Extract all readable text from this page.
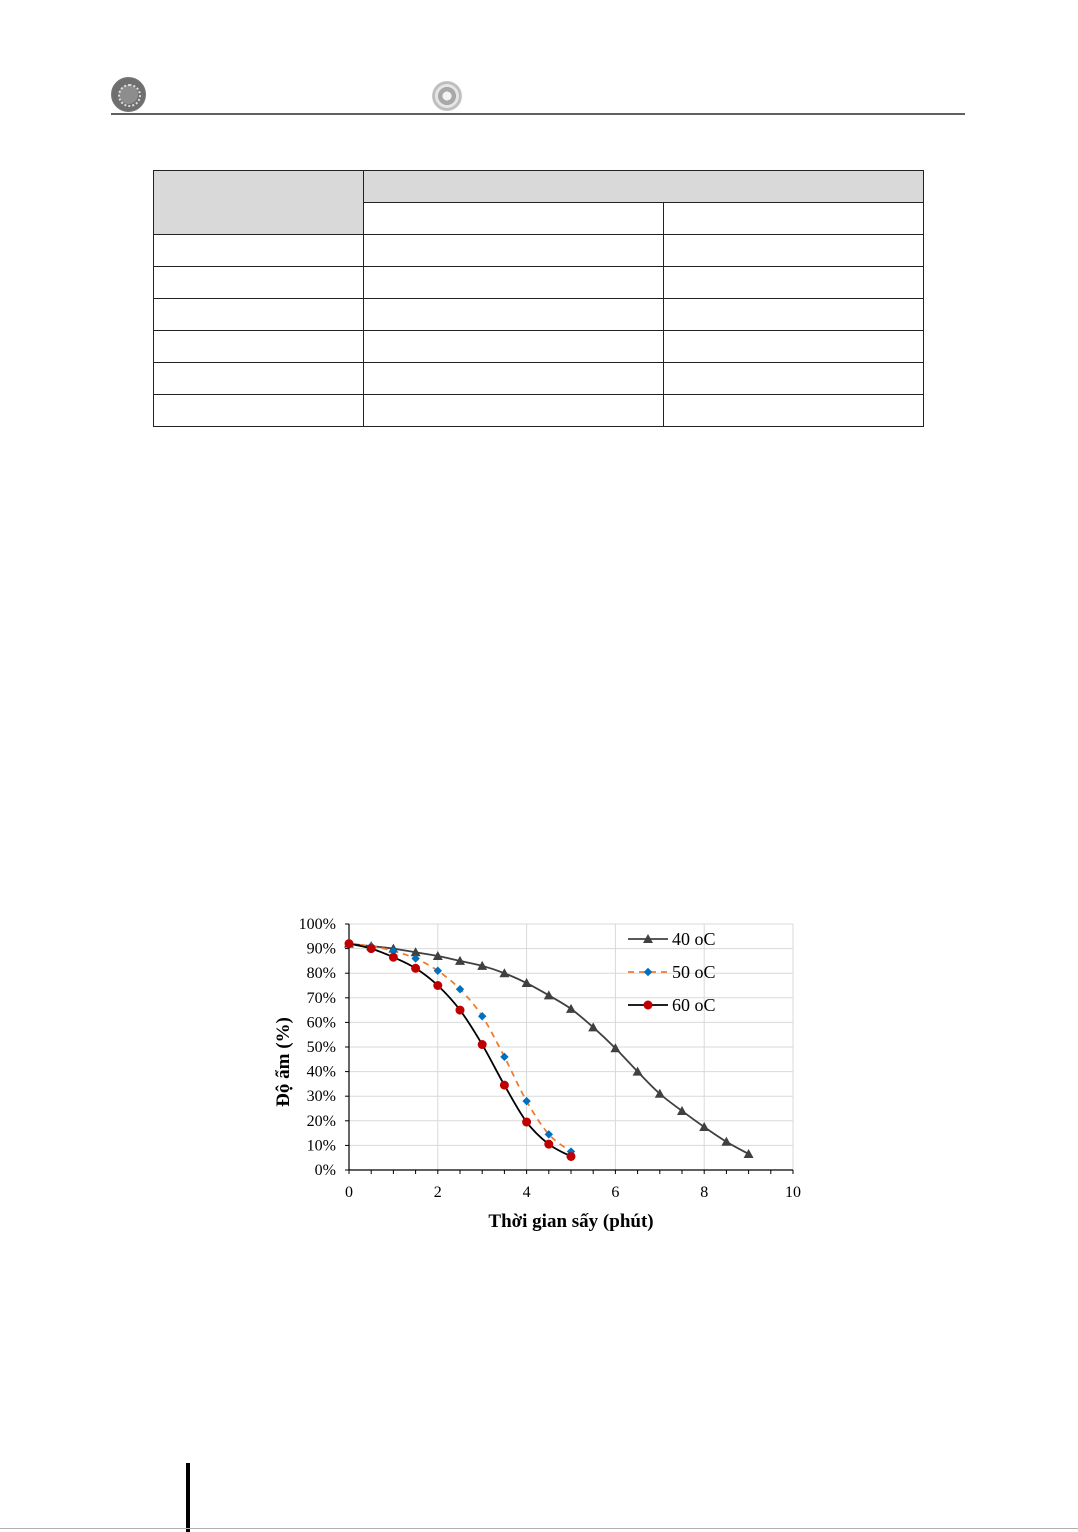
0%
10%
20%
30%
40%
50%
60%
70%
80%
90%
100%
0	2	4	6	8	10
Thời gian sấy (phút)
Độ ẩm (%)
40 oC
50 oC
60 oC
